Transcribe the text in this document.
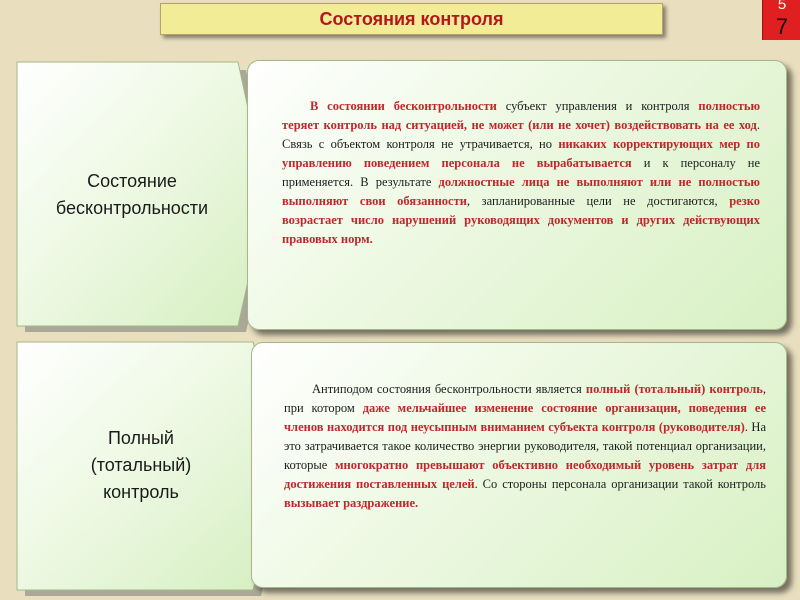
Состояния контроля
5
7
Состояние
бесконтрольности

В состоянии бесконтрольности субъект управления и контроля полностью теряет контроль над ситуацией, не может (или не хочет) воздействовать на ее ход. Связь с объектом контроля не утрачивается, но никаких корректирующих мер по управлению поведением персонала не вырабатывается и к персоналу не применяется. В результате должностные лица не выполняют или не полностью выполняют свои обязанности, запланированные цели не достигаются, резко возрастает число нарушений руководящих документов и других действующих правовых норм.

Полный
(тотальный)
контроль

Антиподом состояния бесконтрольности является полный (тотальный) контроль, при котором даже мельчайшее изменение состояние организации, поведения ее членов находится под неусыпным вниманием субъекта контроля (руководителя). На это затрачивается такое количество энергии руководителя, такой потенциал организации, которые многократно превышают объективно необходимый уровень затрат для достижения поставленных целей. Со стороны персонала организации такой контроль вызывает раздражение.
